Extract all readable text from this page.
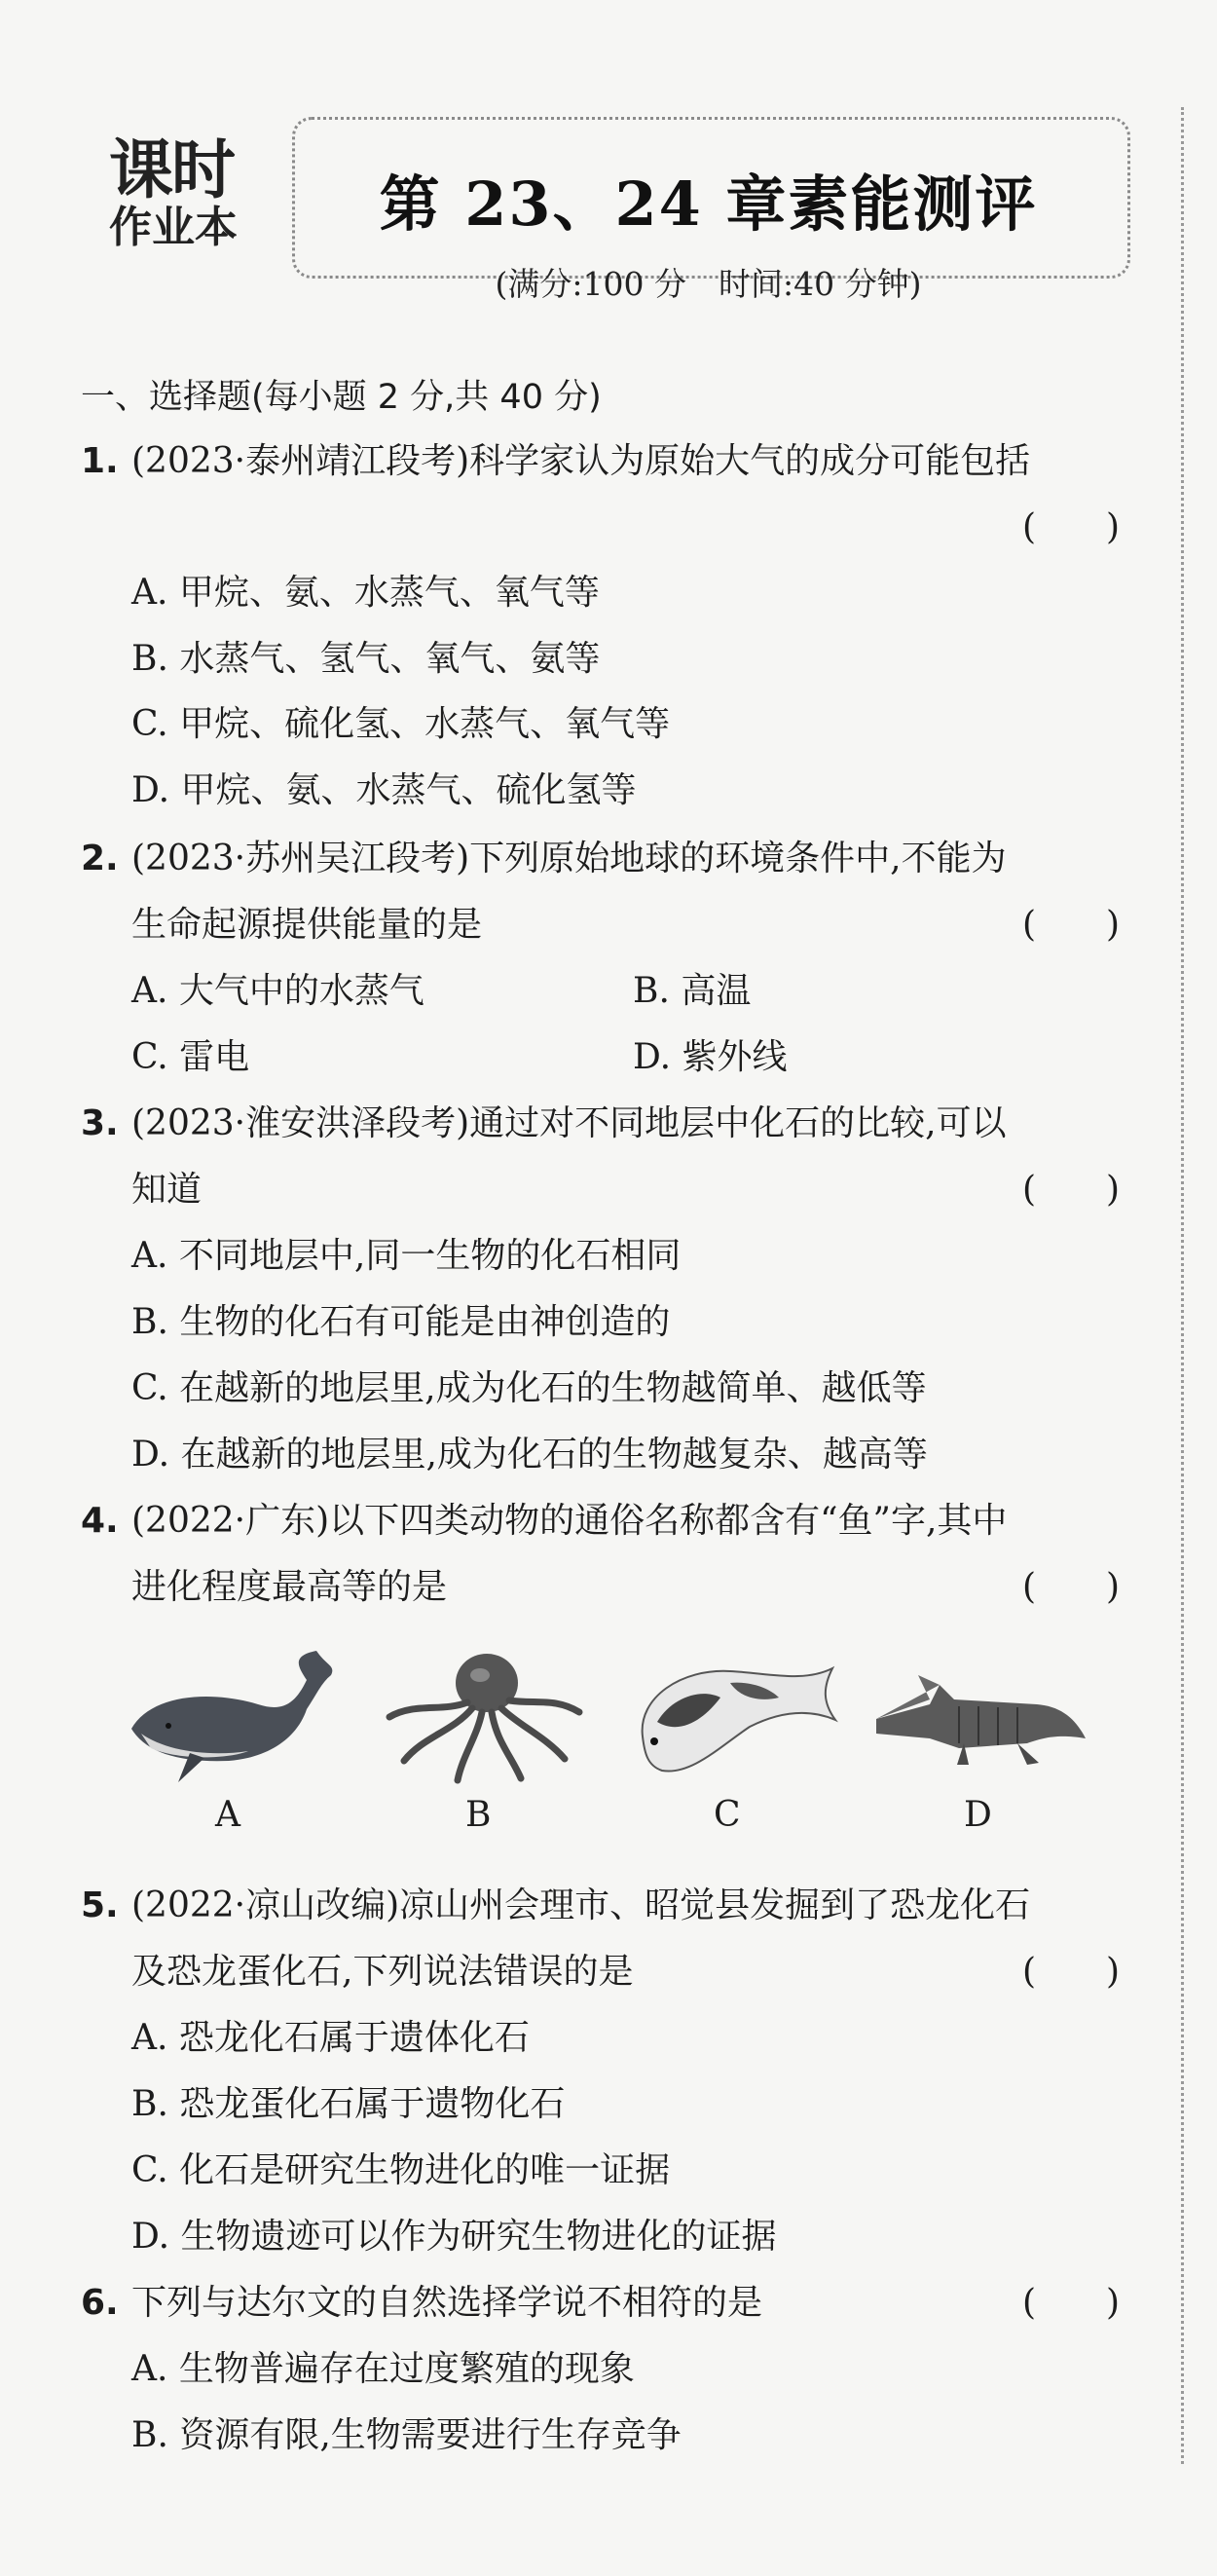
课时
作业本	第 23、24 章素能测评
(满分:100 分　时间:40 分钟)
一、选择题(每小题 2 分,共 40 分)
1. (2023·泰州靖江段考)科学家认为原始大气的成分可能包括
(　　)
A. 甲烷、氨、水蒸气、氧气等
B. 水蒸气、氢气、氧气、氨等
C. 甲烷、硫化氢、水蒸气、氧气等
D. 甲烷、氨、水蒸气、硫化氢等
2. (2023·苏州吴江段考)下列原始地球的环境条件中,不能为
生命起源提供能量的是	(　　)
A. 大气中的水蒸气	B. 高温
C. 雷电	D. 紫外线
3. (2023·淮安洪泽段考)通过对不同地层中化石的比较,可以
知道	(　　)
A. 不同地层中,同一生物的化石相同
B. 生物的化石有可能是由神创造的
C. 在越新的地层里,成为化石的生物越简单、越低等
D. 在越新的地层里,成为化石的生物越复杂、越高等
4. (2022·广东)以下四类动物的通俗名称都含有“鱼”字,其中
进化程度最高等的是	(　　)
A	B	C	D
5. (2022·凉山改编)凉山州会理市、昭觉县发掘到了恐龙化石
及恐龙蛋化石,下列说法错误的是	(　　)
A. 恐龙化石属于遗体化石
B. 恐龙蛋化石属于遗物化石
C. 化石是研究生物进化的唯一证据
D. 生物遗迹可以作为研究生物进化的证据
6. 下列与达尔文的自然选择学说不相符的是	(　　)
A. 生物普遍存在过度繁殖的现象
B. 资源有限,生物需要进行生存竞争
